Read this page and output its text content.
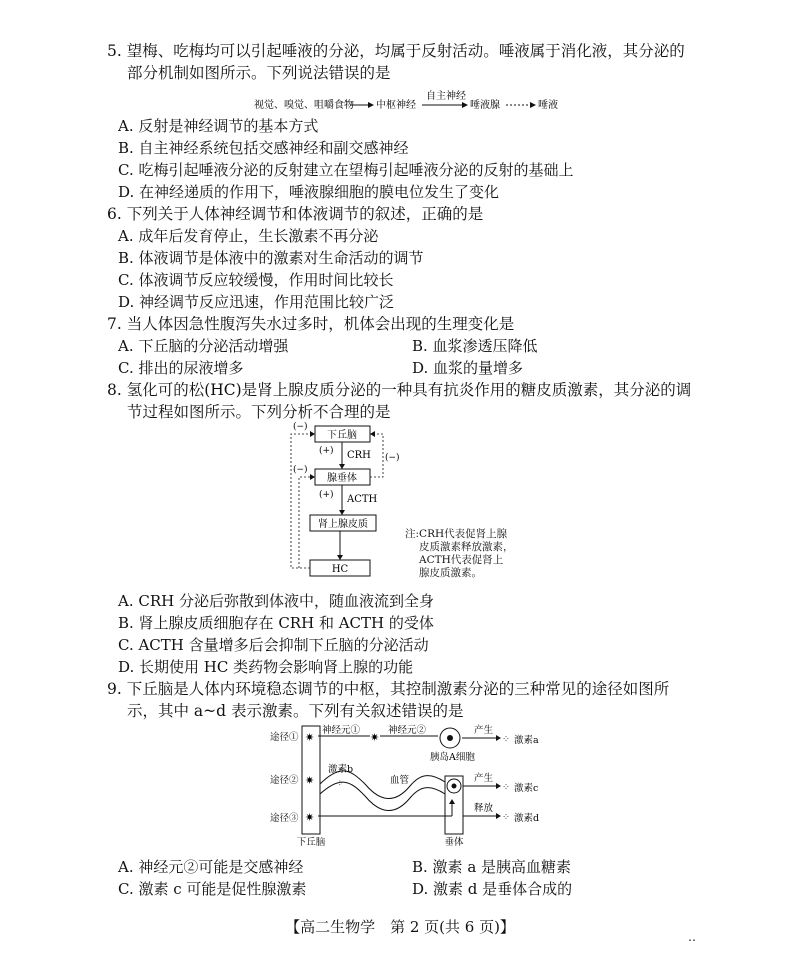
5. 望梅、吃梅均可以引起唾液的分泌，均属于反射活动。唾液属于消化液，其分泌的部分机制如图所示。下列说法错误的是
视觉、嗅觉、咀嚼食物 中枢神经
自主神经
唾液腺	唾液
A. 反射是神经调节的基本方式
B. 自主神经系统包括交感神经和副交感神经
C. 吃梅引起唾液分泌的反射建立在望梅引起唾液分泌的反射的基础上
D. 在神经递质的作用下，唾液腺细胞的膜电位发生了变化
6. 下列关于人体神经调节和体液调节的叙述，正确的是
A. 成年后发育停止，生长激素不再分泌
B. 体液调节是体液中的激素对生命活动的调节
C. 体液调节反应较缓慢，作用时间比较长
D. 神经调节反应迅速，作用范围比较广泛
7. 当人体因急性腹泻失水过多时，机体会出现的生理变化是
A. 下丘脑的分泌活动增强	B. 血浆渗透压降低
C. 排出的尿液增多	D. 血浆的量增多
8. 氢化可的松(HC)是肾上腺皮质分泌的一种具有抗炎作用的糖皮质激素，其分泌的调节过程如图所示。下列分析不合理的是
下丘脑
腺垂体
肾上腺皮质
HC
(+) CRH
(+) ACTH
(−)
(−)
(−)
注:CRH代表促肾上腺
皮质激素释放激素，
ACTH代表促肾上
腺皮质激素。
A. CRH 分泌后弥散到体液中，随血液流到全身
B. 肾上腺皮质细胞存在 CRH 和 ACTH 的受体
C. ACTH 含量增多后会抑制下丘脑的分泌活动
D. 长期使用 HC 类药物会影响肾上腺的功能
9. 下丘脑是人体内环境稳态调节的中枢，其控制激素分泌的三种常见的途径如图所示，其中 a~d 表示激素。下列有关叙述错误的是
下丘脑	垂体
途径①
途径②
途径③
✷
✷
✷
神经元①
✷
神经元②
胰岛A细胞
产生
⁘ 激素a
激素b
⁘	血管	产生
⁘ 激素c
释放
⁘ 激素d
A. 神经元②可能是交感神经	B. 激素 a 是胰高血糖素
C. 激素 c 可能是促性腺激素	D. 激素 d 是垂体合成的
【高二生物学　第 2 页(共 6 页)】
‥
